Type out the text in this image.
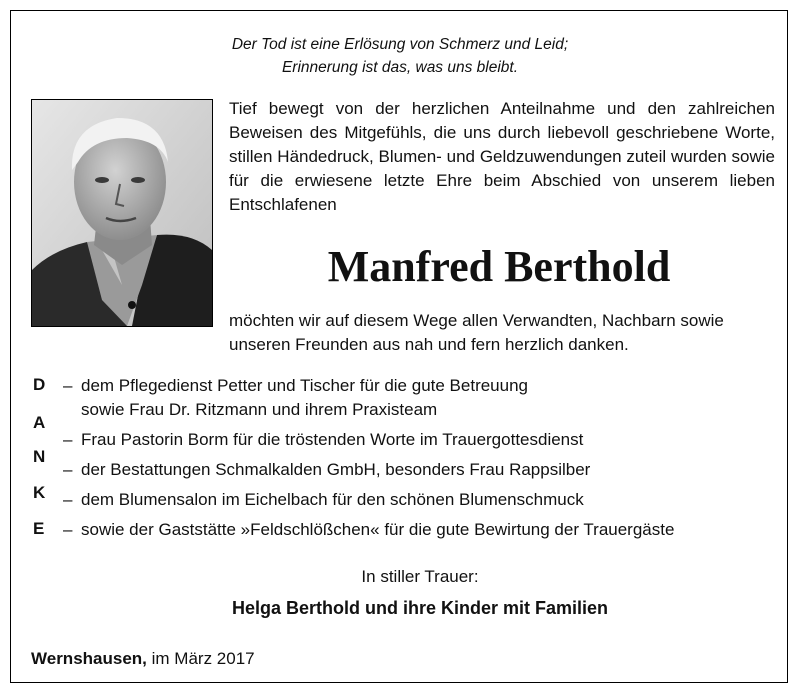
Der Tod ist eine Erlösung von Schmerz und Leid;
Erinnerung ist das, was uns bleibt.
Tief bewegt von der herzlichen Anteilnahme und den zahlreichen Beweisen des Mitgefühls, die uns durch liebevoll geschriebene Worte, stillen Händedruck, Blumen- und Geldzuwendungen zuteil wurden sowie für die erwiesene letzte Ehre beim Abschied von unserem lieben Entschlafenen
Manfred Berthold
möchten wir auf diesem Wege allen Verwandten, Nachbarn sowie unseren Freunden aus nah und fern herzlich danken.
D
A
N
K
E
– dem Pflegedienst Petter und Tischer für die gute Betreuung
sowie Frau Dr. Ritzmann und ihrem Praxisteam
– Frau Pastorin Borm für die tröstenden Worte im Trauergottesdienst
– der Bestattungen Schmalkalden GmbH, besonders Frau Rappsilber
– dem Blumensalon im Eichelbach für den schönen Blumenschmuck
– sowie der Gaststätte »Feldschlößchen« für die gute Bewirtung der Trauergäste
In stiller Trauer:
Helga Berthold und ihre Kinder mit Familien
Wernshausen, im März 2017
